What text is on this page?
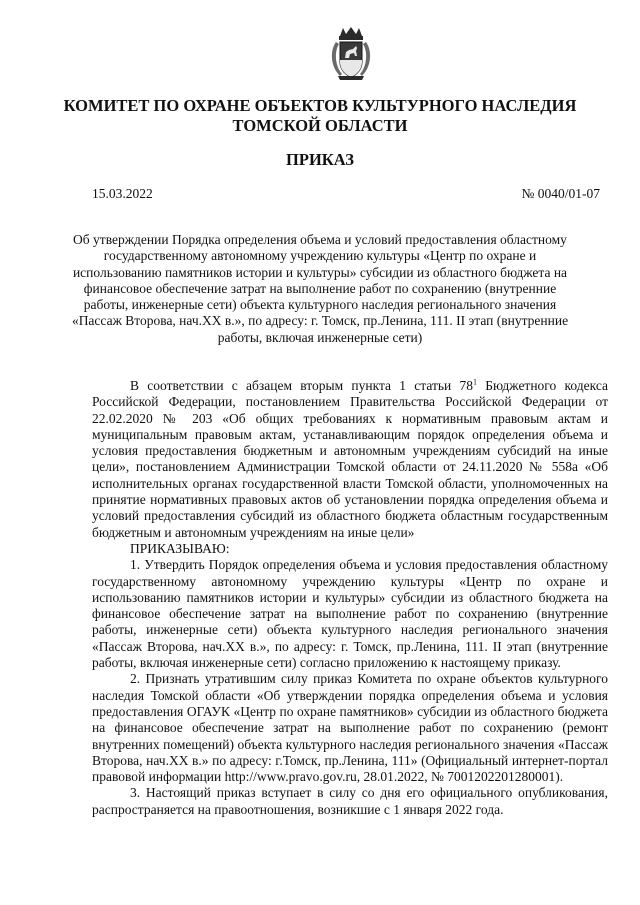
КОМИТЕТ ПО ОХРАНЕ ОБЪЕКТОВ КУЛЬТУРНОГО НАСЛЕДИЯ ТОМСКОЙ ОБЛАСТИ
ПРИКАЗ
15.03.2022	№ 0040/01-07
Об утверждении Порядка определения объема и условий предоставления областному государственному автономному учреждению культуры «Центр по охране и использованию памятников истории и культуры» субсидии из областного бюджета на финансовое обеспечение затрат на выполнение работ по сохранению (внутренние работы, инженерные сети) объекта культурного наследия регионального значения «Пассаж Второва, нач.XX в.», по адресу: г. Томск, пр.Ленина, 111. II этап (внутренние работы, включая инженерные сети)

В соответствии с абзацем вторым пункта 1 статьи $78^1$ Бюджетного кодекса Российской Федерации, постановлением Правительства Российской Федерации от 22.02.2020 № 203 «Об общих требованиях к нормативным правовым актам и муниципальным правовым актам, устанавливающим порядок определения объема и условия предоставления бюджетным и автономным учреждениям субсидий на иные цели», постановлением Администрации Томской области от 24.11.2020 № 558а «Об исполнительных органах государственной власти Томской области, уполномоченных на принятие нормативных правовых актов об установлении порядка определения объема и условий предоставления субсидий из областного бюджета областным государственным бюджетным и автономным учреждениям на иные цели»

ПРИКАЗЫВАЮ:

1. Утвердить Порядок определения объема и условия предоставления областному государственному автономному учреждению культуры «Центр по охране и использованию памятников истории и культуры» субсидии из областного бюджета на финансовое обеспечение затрат на выполнение работ по сохранению (внутренние работы, инженерные сети) объекта культурного наследия регионального значения «Пассаж Второва, нач.XX в.», по адресу: г. Томск, пр.Ленина, 111. II этап (внутренние работы, включая инженерные сети) согласно приложению к настоящему приказу.

2. Признать утратившим силу приказ Комитета по охране объектов культурного наследия Томской области «Об утверждении порядка определения объема и условия предоставления ОГАУК «Центр по охране памятников» субсидии из областного бюджета на финансовое обеспечение затрат на выполнение работ по сохранению (ремонт внутренних помещений) объекта культурного наследия регионального значения «Пассаж Второва, нач.XX в.» по адресу: г.Томск, пр.Ленина, 111» (Официальный интернет-портал правовой информации http://www.pravo.gov.ru, 28.01.2022, № 7001202201280001).

3. Настоящий приказ вступает в силу со дня его официального опубликования, распространяется на правоотношения, возникшие с 1 января 2022 года.
